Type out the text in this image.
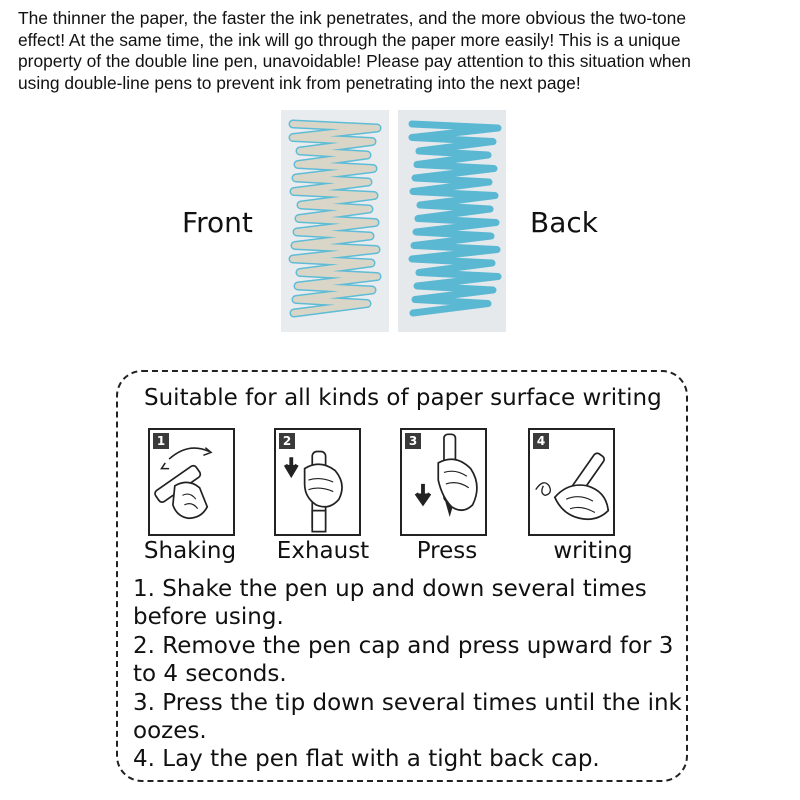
The thinner the paper, the faster the ink penetrates, and the more obvious the two-tone
effect! At the same time, the ink will go through the paper more easily! This is a unique
property of the double line pen, unavoidable! Please pay attention to this situation when
using double-line pens to prevent ink from penetrating into the next page!
Front	Back
Suitable for all kinds of paper surface writing
1	2	3	4
Shaking	Exhaust	Press	writing
1. Shake the pen up and down several times before using.
2. Remove the pen cap and press upward for 3 to 4 seconds.
3. Press the tip down several times until the ink oozes.
4. Lay the pen flat with a tight back cap.
